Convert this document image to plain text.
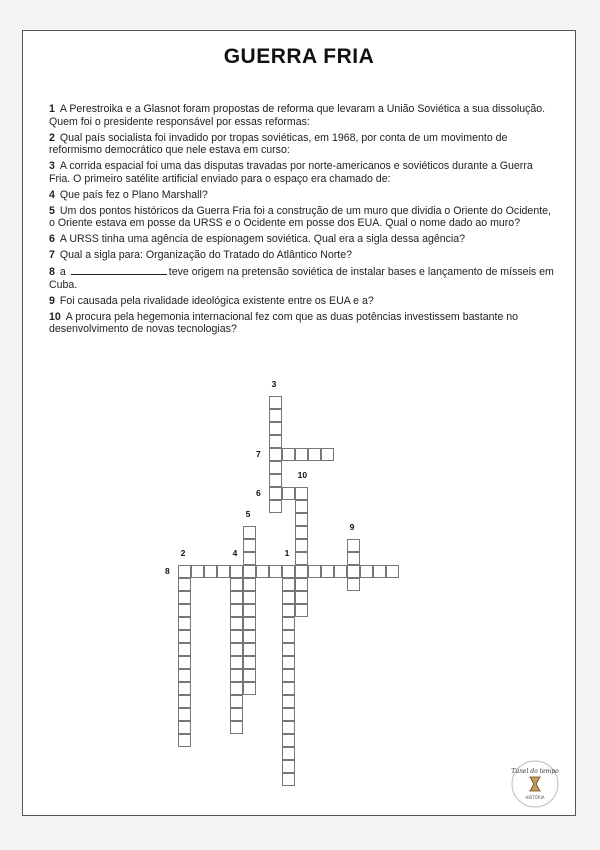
GUERRA FRIA

1 A Perestroika e a Glasnot foram propostas de reforma que levaram a União Soviética a sua dissolução. Quem foi o presidente responsável por essas reformas:

2 Qual país socialista foi invadido por tropas soviéticas, em 1968, por conta de um movimento de reformismo democrático que nele estava em curso:

3 A corrida espacial foi uma das disputas travadas por norte-americanos e soviéticos durante a Guerra Fria. O primeiro satélite artificial enviado para o espaço era chamado de:

4 Que país fez o Plano Marshall?

5 Um dos pontos históricos da Guerra Fria foi a construção de um muro que dividia o Oriente do Ocidente, o Oriente estava em posse da URSS e o Ocidente em posse dos EUA. Qual o nome dado ao muro?

6 A URSS tinha uma agência de espionagem soviética. Qual era a sigla dessa agência?

7 Qual a sigla para: Organização do Tratado do Atlântico Norte?

8 a	teve origem na pretensão soviética de instalar bases e lançamento de mísseis em Cuba.

9 Foi causada pela rivalidade ideológica existente entre os EUA e a?

10 A procura pela hegemonia internacional fez com que as duas potências investissem bastante no desenvolvimento de novas tecnologias?

1
2
3
4
5
6
7
8
9
10
Túnel do tempo
HISTÓRIA
